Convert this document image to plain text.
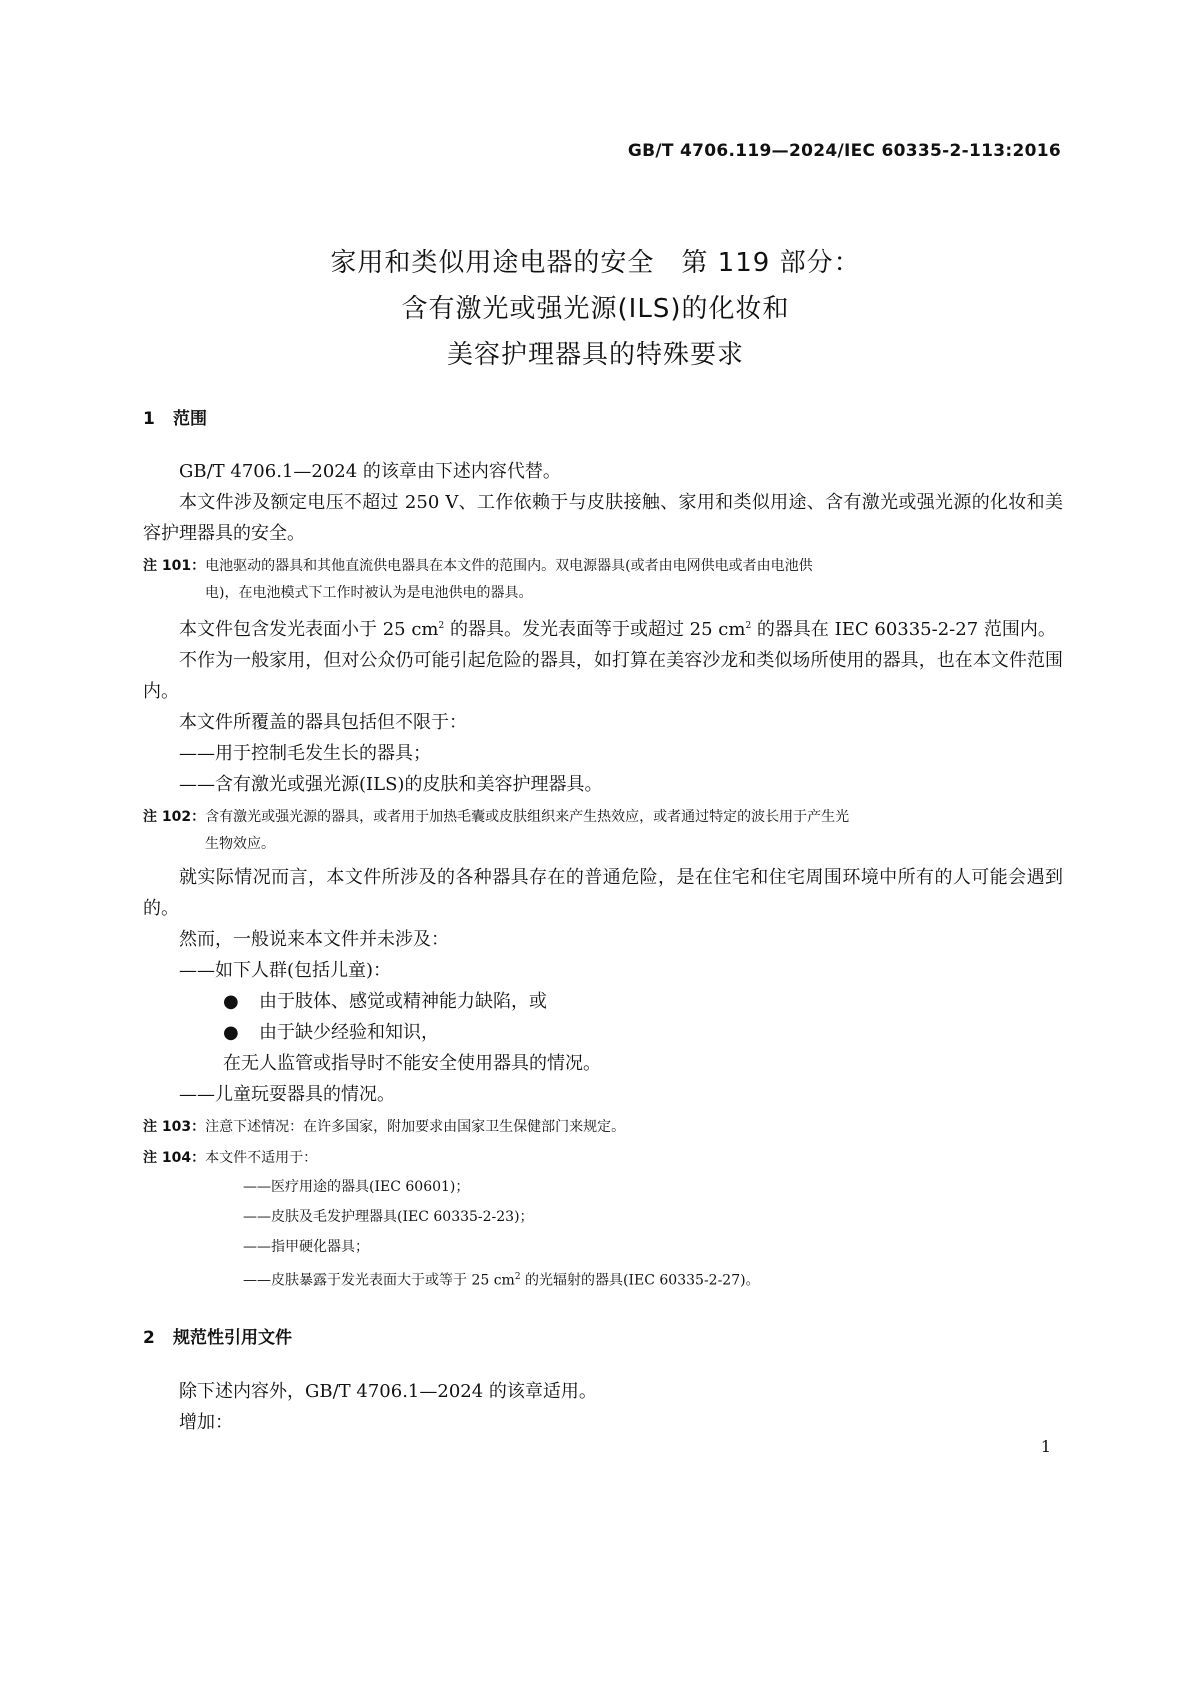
GB/T 4706.119—2024/IEC 60335-2-113:2016
家用和类似用途电器的安全　第 119 部分：
含有激光或强光源(ILS)的化妆和
美容护理器具的特殊要求
1 范围

GB/T 4706.1—2024 的该章由下述内容代替。

本文件涉及额定电压不超过 250 V、工作依赖于与皮肤接触、家用和类似用途、含有激光或强光源的化妆和美容护理器具的安全。

注 101：电池驱动的器具和其他直流供电器具在本文件的范围内。双电源器具(或者由电网供电或者由电池供
电)，在电池模式下工作时被认为是电池供电的器具。

本文件包含发光表面小于 25 $cm^2$ 的器具。发光表面等于或超过 25 $cm^2$ 的器具在 IEC 60335-2-27 范围内。

不作为一般家用，但对公众仍可能引起危险的器具，如打算在美容沙龙和类似场所使用的器具，也在本文件范围内。

本文件所覆盖的器具包括但不限于：

——用于控制毛发生长的器具；

——含有激光或强光源(ILS)的皮肤和美容护理器具。

注 102：含有激光或强光源的器具，或者用于加热毛囊或皮肤组织来产生热效应，或者通过特定的波长用于产生光
生物效应。

就实际情况而言，本文件所涉及的各种器具存在的普通危险，是在住宅和住宅周围环境中所有的人可能会遇到的。

然而，一般说来本文件并未涉及：

——如下人群(包括儿童)：

● 由于肢体、感觉或精神能力缺陷，或

● 由于缺少经验和知识，

在无人监管或指导时不能安全使用器具的情况。

——儿童玩耍器具的情况。

注 103：注意下述情况：在许多国家，附加要求由国家卫生保健部门来规定。
注 104：本文件不适用于：

——医疗用途的器具(IEC 60601)；

——皮肤及毛发护理器具(IEC 60335-2-23)；

——指甲硬化器具；

——皮肤暴露于发光表面大于或等于 25 $cm^2$ 的光辐射的器具(IEC 60335-2-27)。

2 规范性引用文件

除下述内容外，GB/T 4706.1—2024 的该章适用。

增加：

1
